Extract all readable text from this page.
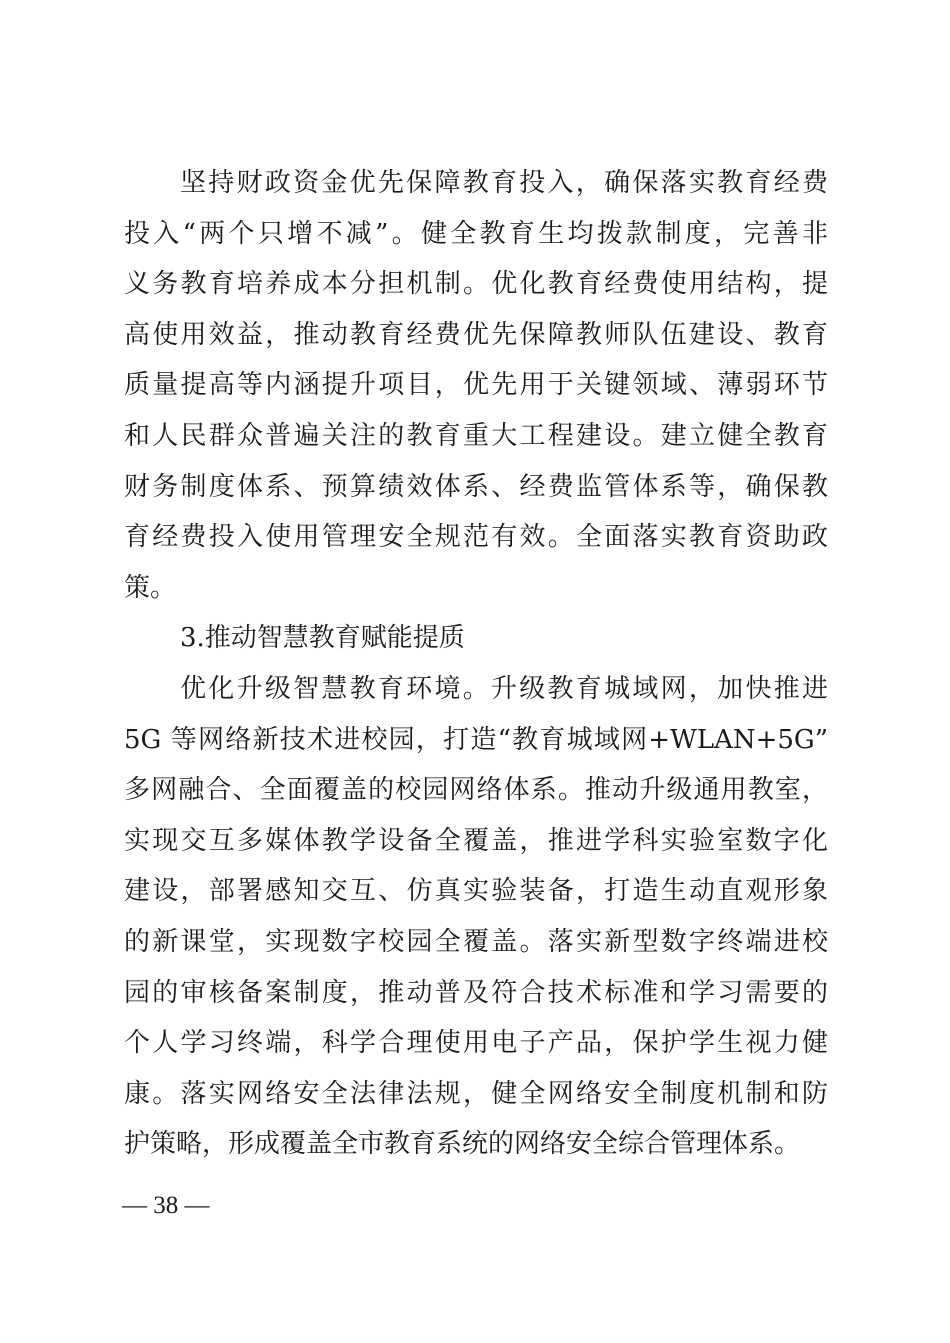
坚持财政资金优先保障教育投入，确保落实教育经费
投入“两个只增不减”。健全教育生均拨款制度，完善非
义务教育培养成本分担机制。优化教育经费使用结构，提
高使用效益，推动教育经费优先保障教师队伍建设、教育
质量提高等内涵提升项目，优先用于关键领域、薄弱环节
和人民群众普遍关注的教育重大工程建设。建立健全教育
财务制度体系、预算绩效体系、经费监管体系等，确保教
育经费投入使用管理安全规范有效。全面落实教育资助政
策。
3.推动智慧教育赋能提质
优化升级智慧教育环境。升级教育城域网，加快推进
5G 等网络新技术进校园，打造“教育城域网+WLAN+5G”
多网融合、全面覆盖的校园网络体系。推动升级通用教室，
实现交互多媒体教学设备全覆盖，推进学科实验室数字化
建设，部署感知交互、仿真实验装备，打造生动直观形象
的新课堂，实现数字校园全覆盖。落实新型数字终端进校
园的审核备案制度，推动普及符合技术标准和学习需要的
个人学习终端，科学合理使用电子产品，保护学生视力健
康。落实网络安全法律法规，健全网络安全制度机制和防
护策略，形成覆盖全市教育系统的网络安全综合管理体系。
— 38 —
